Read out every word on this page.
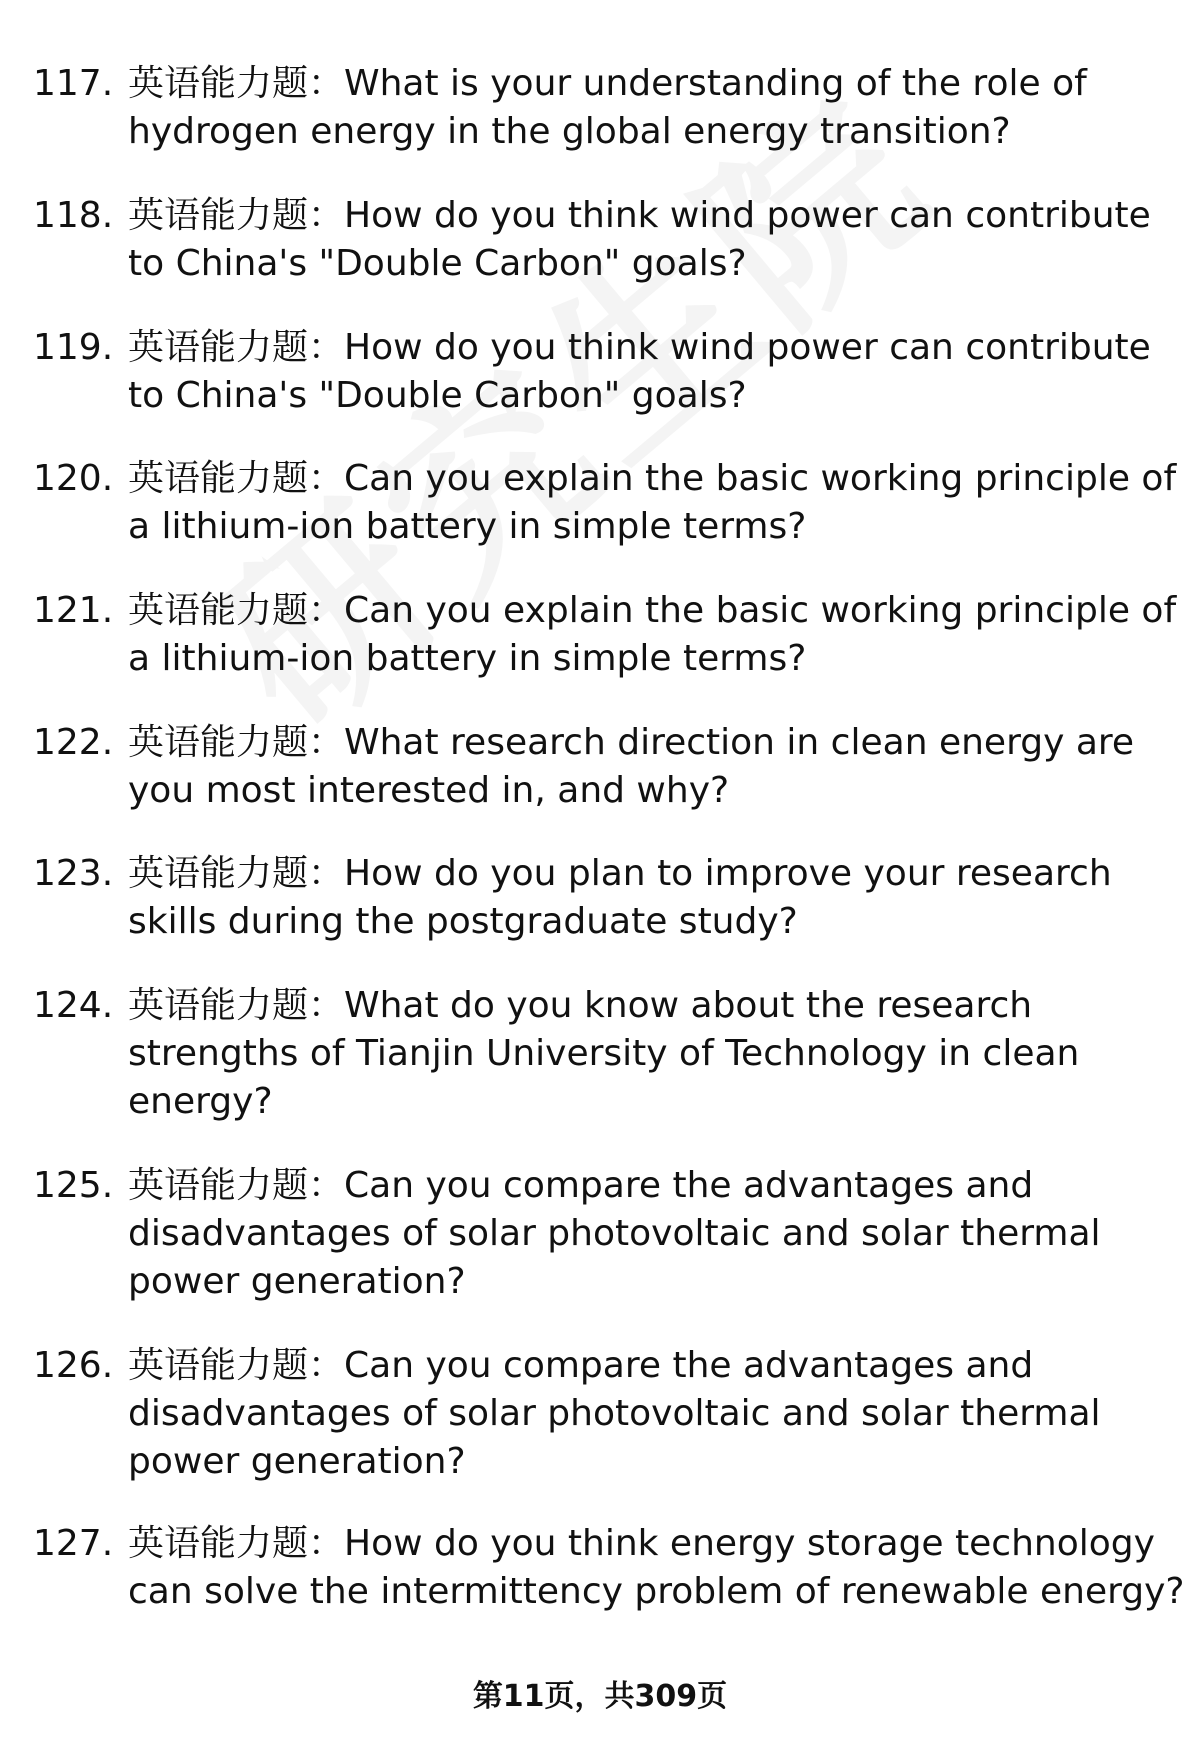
117. 英语能力题：What is your understanding of the role of
hydrogen energy in the global energy transition?
118. 英语能力题：How do you think wind power can contribute
to China's "Double Carbon" goals?
119. 英语能力题：How do you think wind power can contribute
to China's "Double Carbon" goals?
120. 英语能力题：Can you explain the basic working principle of
a lithium-ion battery in simple terms?
121. 英语能力题：Can you explain the basic working principle of
a lithium-ion battery in simple terms?
122. 英语能力题：What research direction in clean energy are
you most interested in, and why?
123. 英语能力题：How do you plan to improve your research
skills during the postgraduate study?
124. 英语能力题：What do you know about the research
strengths of Tianjin University of Technology in clean
energy?
125. 英语能力题：Can you compare the advantages and
disadvantages of solar photovoltaic and solar thermal
power generation?
126. 英语能力题：Can you compare the advantages and
disadvantages of solar photovoltaic and solar thermal
power generation?
127. 英语能力题：How do you think energy storage technology
can solve the intermittency problem of renewable energy?
第11页，共309页
